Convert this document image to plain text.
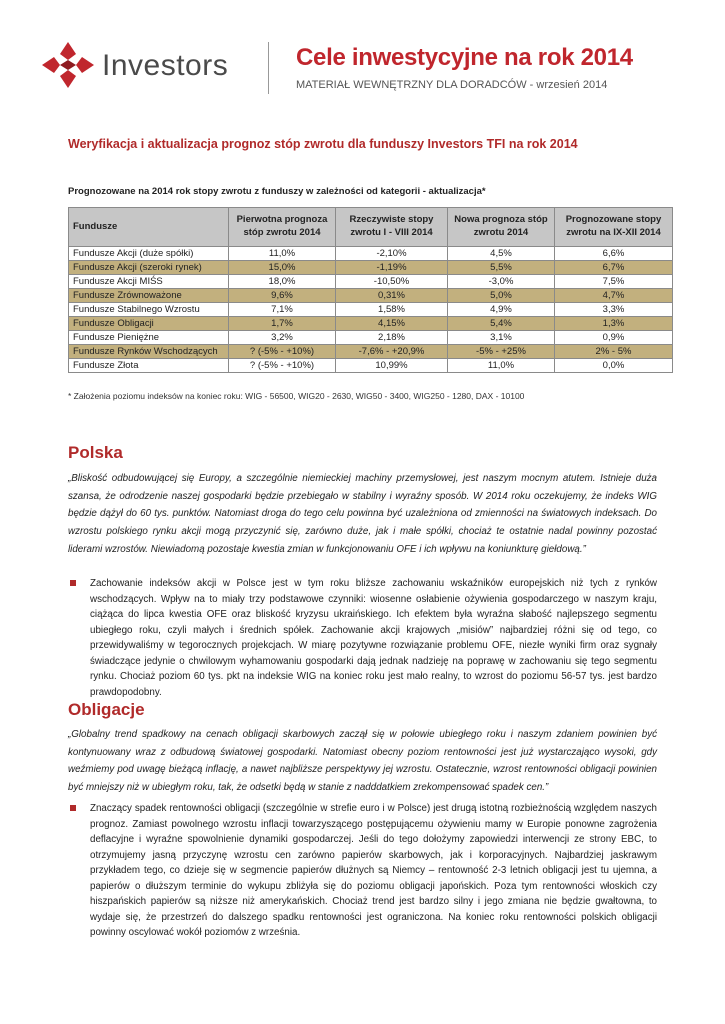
Investors	Cele inwestycyjne na rok 2014
MATERIAŁ WEWNĘTRZNY DLA DORADCÓW - wrzesień 2014
Weryfikacja i aktualizacja prognoz stóp zwrotu dla funduszy Investors TFI na rok 2014
Prognozowane na 2014 rok stopy zwrotu z funduszy w zależności od kategorii - aktualizacja*
Fundusze	Pierwotna prognoza stóp zwrotu 2014	Rzeczywiste stopy zwrotu I - VIII 2014	Nowa prognoza stóp zwrotu 2014	Prognozowane stopy zwrotu na IX-XII 2014
Fundusze Akcji (duże spółki)	11,0%	-2,10%	4,5%	6,6%
Fundusze Akcji (szeroki rynek)	15,0%	-1,19%	5,5%	6,7%
Fundusze Akcji MIŚS	18,0%	-10,50%	-3,0%	7,5%
Fundusze Zrównoważone	9,6%	0,31%	5,0%	4,7%
Fundusze Stabilnego Wzrostu	7,1%	1,58%	4,9%	3,3%
Fundusze Obligacji	1,7%	4,15%	5,4%	1,3%
Fundusze Pieniężne	3,2%	2,18%	3,1%	0,9%
Fundusze Rynków Wschodzących	? (-5% - +10%)	-7,6% - +20,9%	-5% - +25%	2% - 5%
Fundusze Złota	? (-5% - +10%)	10,99%	11,0%	0,0%
* Założenia poziomu indeksów na koniec roku: WIG - 56500, WIG20 - 2630, WIG50 - 3400, WIG250 - 1280, DAX - 10100
Polska
„Bliskość odbudowującej się Europy, a szczególnie niemieckiej machiny przemysłowej, jest naszym mocnym atutem. Istnieje duża szansa, że odrodzenie naszej gospodarki będzie przebiegało w stabilny i wyraźny sposób. W 2014 roku oczekujemy, że indeks WIG będzie dążył do 60 tys. punktów. Natomiast droga do tego celu powinna być uzależniona od zmienności na światowych indeksach. Do wzrostu polskiego rynku akcji mogą przyczynić się, zarówno duże, jak i małe spółki, chociaż te ostatnie nadal powinny pozostać liderami wzrostów. Niewiadomą pozostaje kwestia zmian w funkcjonowaniu OFE i ich wpływu na koniunkturę giełdową.”
Zachowanie indeksów akcji w Polsce jest w tym roku bliższe zachowaniu wskaźników europejskich niż tych z rynków wschodzących. Wpływ na to miały trzy podstawowe czynniki: wiosenne osłabienie ożywienia gospodarczego w naszym kraju, ciążąca do lipca kwestia OFE oraz bliskość kryzysu ukraińskiego. Ich efektem była wyraźna słabość najlepszego segmentu ubiegłego roku, czyli małych i średnich spółek. Zachowanie akcji krajowych „misiów” najbardziej różni się od tego, co przewidywaliśmy w tegorocznych projekcjach. W miarę pozytywne rozwiązanie problemu OFE, niezłe wyniki firm oraz sygnały świadczące jedynie o chwilowym wyhamowaniu gospodarki dają jednak nadzieję na poprawę w zachowaniu się tego segmentu rynku. Chociaż poziom 60 tys. pkt na indeksie WIG na koniec roku jest mało realny, to wzrost do poziomu 56-57 tys. jest bardzo prawdopodobny.
Obligacje
„Globalny trend spadkowy na cenach obligacji skarbowych zaczął się w połowie ubiegłego roku i naszym zdaniem powinien być kontynuowany wraz z odbudową światowej gospodarki. Natomiast obecny poziom rentowności jest już wystarczająco wysoki, gdy weźmiemy pod uwagę bieżącą inflację, a nawet najbliższe perspektywy jej wzrostu. Ostatecznie, wzrost rentowności obligacji powinien być mniejszy niż w ubiegłym roku, tak, że odsetki będą w stanie z nadddatkiem zrekompensować spadek cen.”
Znaczący spadek rentowności obligacji (szczególnie w strefie euro i w Polsce) jest drugą istotną rozbieżnością względem naszych prognoz. Zamiast powolnego wzrostu inflacji towarzyszącego postępującemu ożywieniu mamy w Europie ponowne zagrożenia deflacyjne i wyraźne spowolnienie dynamiki gospodarczej. Jeśli do tego dołożymy zapowiedzi interwencji ze strony EBC, to otrzymujemy jasną przyczynę wzrostu cen zarówno papierów skarbowych, jak i korporacyjnych. Najbardziej jaskrawym przykładem tego, co dzieje się w segmencie papierów dłużnych są Niemcy – rentowność 2-3 letnich obligacji jest tu ujemna, a papierów o dłuższym terminie do wykupu zbliżyła się do poziomu obligacji japońskich. Poza tym rentowności włoskich czy hiszpańskich papierów są niższe niż amerykańskich. Chociaż trend jest bardzo silny i jego zmiana nie będzie gwałtowna, to wydaje się, że przestrzeń do dalszego spadku rentowności jest ograniczona. Na koniec roku rentowności polskich obligacji powinny oscylować wokół poziomów z września.
